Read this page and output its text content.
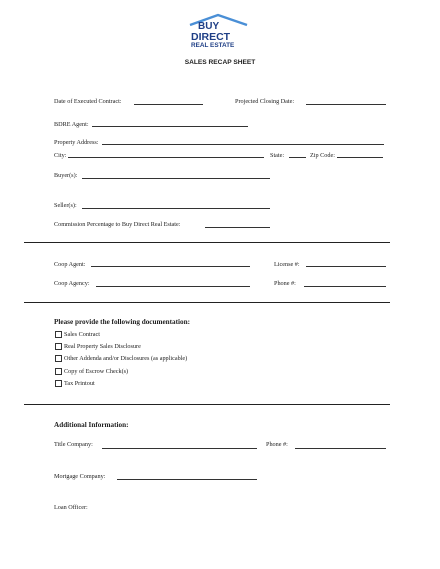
BUY
DIRECT
REAL ESTATE
SALES RECAP SHEET
Date of Executed Contract:	Projected Closing Date:
BDRE Agent:
Property Address:
City:	State:	Zip Code:
Buyer(s):
Seller(s):
Commission Percentage to Buy Direct Real Estate:
Coop Agent:	License #:
Coop Agency:	Phone #:
Please provide the following documentation:
Sales Contract
Real Property Sales Disclosure
Other Addenda and/or Disclosures (as applicable)
Copy of Escrow Check(s)
Tax Printout
Additional Information:
Title Company:	Phone #:
Mortgage Company:
Loan Officer:
